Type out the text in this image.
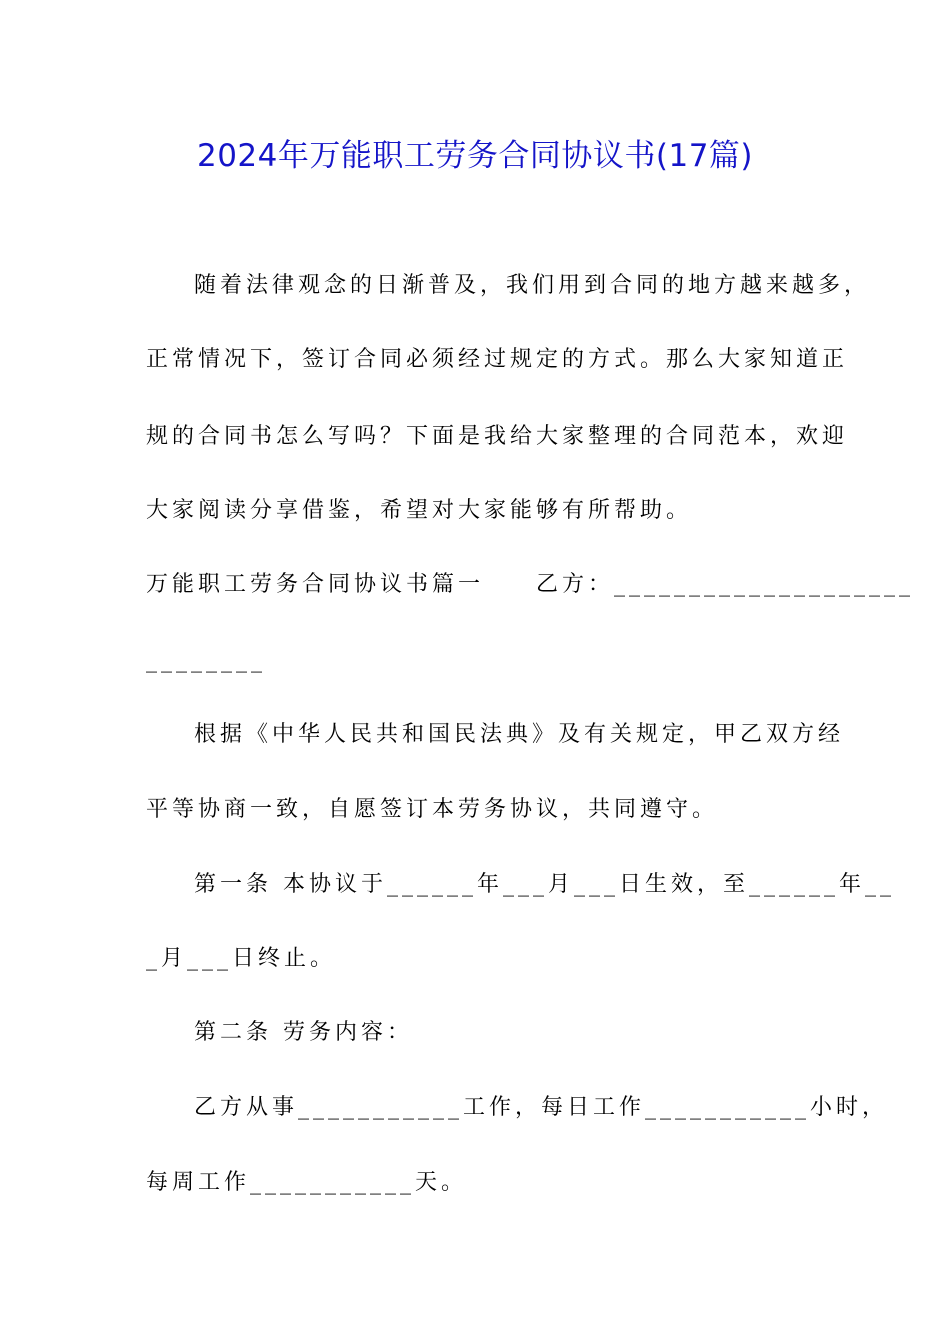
2024年万能职工劳务合同协议书(17篇)
随着法律观念的日渐普及，我们用到合同的地方越来越多，
正常情况下，签订合同必须经过规定的方式。那么大家知道正
规的合同书怎么写吗？下面是我给大家整理的合同范本，欢迎
大家阅读分享借鉴，希望对大家能够有所帮助。
万能职工劳务合同协议书篇一　　乙方：____________________
________
根据《中华人民共和国民法典》及有关规定，甲乙双方经
平等协商一致，自愿签订本劳务协议，共同遵守。
第一条 本协议于______年___月___日生效，至______年__
_月___日终止。
第二条 劳务内容：
乙方从事___________工作，每日工作___________小时，
每周工作___________天。
